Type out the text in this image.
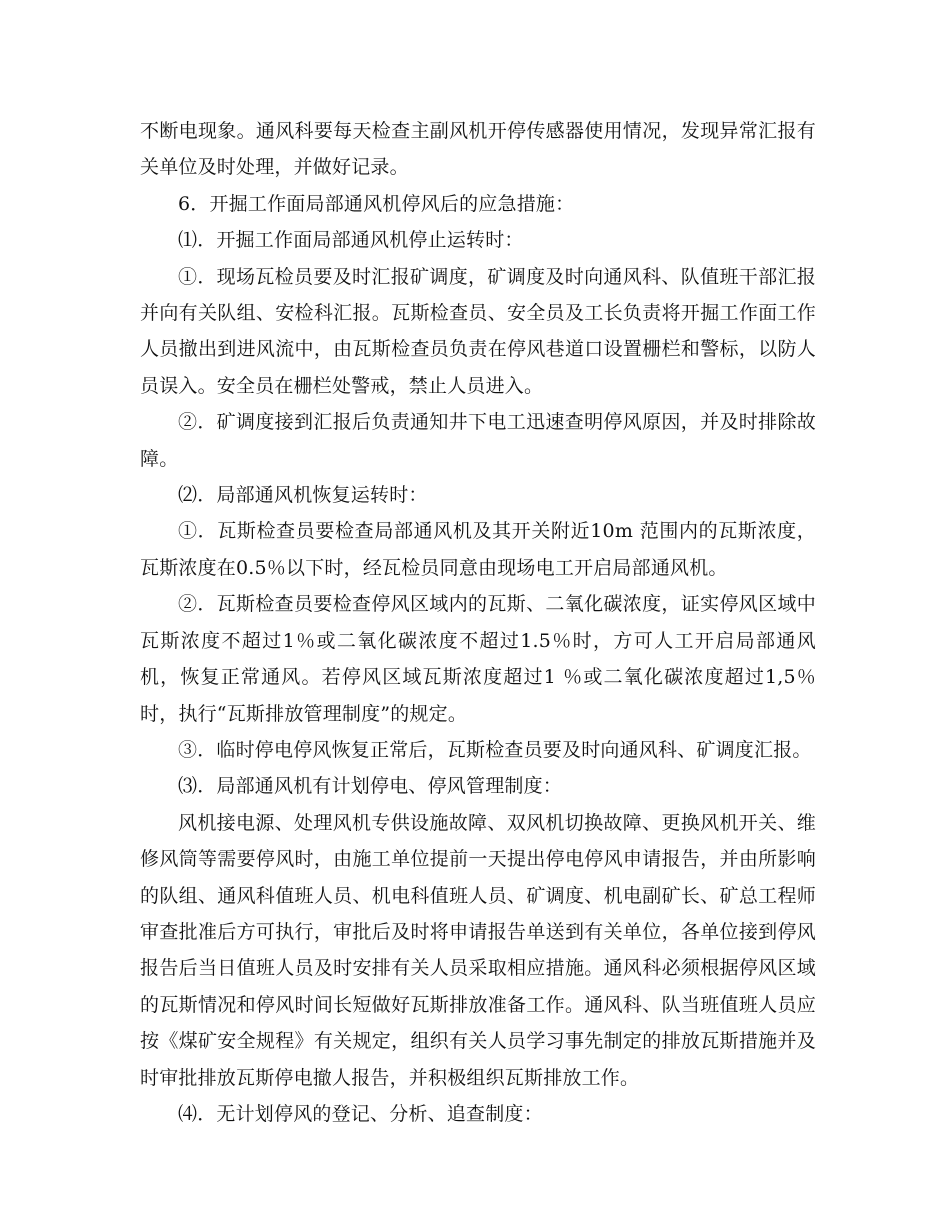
不断电现象。通风科要每天检查主副风机开停传感器使用情况，发现异常汇报有关单位及时处理，并做好记录。

6．开掘工作面局部通风机停风后的应急措施：

⑴．开掘工作面局部通风机停止运转时：

①．现场瓦检员要及时汇报矿调度，矿调度及时向通风科、队值班干部汇报并向有关队组、安检科汇报。瓦斯检查员、安全员及工长负责将开掘工作面工作人员撤出到进风流中，由瓦斯检查员负责在停风巷道口设置栅栏和警标，以防人员误入。安全员在栅栏处警戒，禁止人员进入。

②．矿调度接到汇报后负责通知井下电工迅速查明停风原因，并及时排除故障。

⑵．局部通风机恢复运转时：

①．瓦斯检查员要检查局部通风机及其开关附近10m 范围内的瓦斯浓度，瓦斯浓度在0.5％以下时，经瓦检员同意由现场电工开启局部通风机。

②．瓦斯检查员要检查停风区域内的瓦斯、二氧化碳浓度，证实停风区域中瓦斯浓度不超过1％或二氧化碳浓度不超过1.5％时，方可人工开启局部通风机，恢复正常通风。若停风区域瓦斯浓度超过1 ％或二氧化碳浓度超过1,5％时，执行“瓦斯排放管理制度”的规定。

③．临时停电停风恢复正常后，瓦斯检查员要及时向通风科、矿调度汇报。

⑶．局部通风机有计划停电、停风管理制度：

风机接电源、处理风机专供设施故障、双风机切换故障、更换风机开关、维修风筒等需要停风时，由施工单位提前一天提出停电停风申请报告，并由所影响的队组、通风科值班人员、机电科值班人员、矿调度、机电副矿长、矿总工程师审查批准后方可执行，审批后及时将申请报告单送到有关单位，各单位接到停风报告后当日值班人员及时安排有关人员采取相应措施。通风科必须根据停风区域的瓦斯情况和停风时间长短做好瓦斯排放准备工作。通风科、队当班值班人员应按《煤矿安全规程》有关规定，组织有关人员学习事先制定的排放瓦斯措施并及时审批排放瓦斯停电撤人报告，并积极组织瓦斯排放工作。

⑷．无计划停风的登记、分析、追查制度：
